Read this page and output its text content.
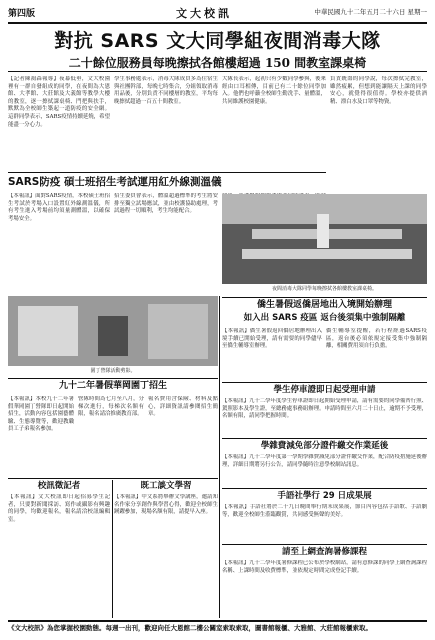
第四版	文大校訊	中華民國九十二年五月二十六日 星期一
對抗 SARS 文大同學組夜間消毒大隊
二十餘位服務員每晚擦拭各館樓超過 150 間教室課桌椅
【記者陳鴻森報導】夜幕低垂，文大校園裡有一群自發組成的同學，在夜間為大恩館、大孝館、大莊館及大義館等教學大樓的教室，逐一擦拭課桌椅、門把與扶手，默默為全校師生築起一道防疫的安全網。這群同學表示，SARS疫情持續延燒，希望能盡一分心力。
學生事務處表示，消毒大隊成員多為住宿生與社團幹部，每晚七時集合，分組領取消毒用品後，分別負責不同樓層的教室，平均每晚擦拭超過一百五十間教室。
大隊長表示，起初只有少數同學參與，後來經由口耳相傳，目前已有二十餘位同學加入。他們也呼籲全校師生勤洗手、量體溫，共同維護校園健康。
負責統籌的同學說，每次擦拭完教室，雖然疲累，但想到能讓隔天上課的同學安心，就覺得很值得。學校亦提供酒精、漂白水及口罩等物資。
SARS防疫 碩士班招生考試運用紅外線測溫儀
【本報訊】面對SARS疫情，本校碩士班招生考試於考場入口設置紅外線測溫儀，所有考生進入考場前均須量測體溫，以確保考場安全。
招生委員會表示，體溫超過標準的考生將安排至獨立試場應試，並由校護協助處理，考試過程一切順利，考生均能配合。
夜間消毒大隊同學每晚擦拭各館樓教室課桌椅。
園丁營隊活動剪影。
僑生暑假返僑居地出入境開始辦理
如入出 SARS 疫區 返台後須集中強制隔離
【本報訊】僑生暑假返回僑居地辦理出入境手續已開始受理，請有需要的同學儘早至僑生輔導室辦理。
僑生輔導室提醒，若行程經過SARS疫區，返台後必須依規定接受集中強制隔離，相關費用須自行負擔。
學生停車證即日起受理申請
【本報訊】九十二學年度學生停車證即日起開始受理申請，請有需要的同學備齊行照、駕照影本及學生證，至總務處事務組辦理。申請時間至六月二十日止，逾期不予受理，名額有限，請同學把握時間。
學雜費減免部分證件繳交作業延後
【本報訊】九十二學年度第一學期學雜費減免部分證件繳交作業，配合防疫措施延後辦理，詳細日期將另行公告，請同學隨時注意學校網站訊息。
手語社學行 29 日成果展
【本報訊】手語社將於二十九日晚間舉行期末成果展，節目內容包括手語歌、手語劇等，歡迎全校師生蒞臨觀賞，共同感受無聲的美好。
請至上網查詢暑修課程
【本報訊】九十二學年度暑修課程已公布於學校網站，請有意修課的同學上網查詢課程名稱、上課時間及收費標準，並依規定時間完成登記手續。
九十二年暑假華岡園丁招生
【本報訊】本校九十二年暑假華岡園丁營隊即日起開始招生，活動內容包括園藝體驗、生態導覽等，歡迎教職員工子弟報名參加。
營隊時間為七月至八月，分梯次進行，每梯次名額有限，報名請洽推廣教育部。
報名費用含保險、材料及點心，詳細資訊請參閱招生簡章。
校訊徵記者
【本報訊】文大校訊即日起招募學生記者，只要對新聞採訪、寫作或攝影有興趣的同學，均歡迎報名，報名請洽校訊編輯室。
既工談文學習
【本報訊】中文系將舉辦文學講座，邀請知名作家分享創作與學習心得，歡迎全校師生踴躍參加，現場名額有限，請提早入座。
《文大校訊》為您掌握校園動態。每週一出刊，歡迎向任大恩館二樓公關室索取索取，圖書館報櫃、大雅館、大莊館報櫃索取。
